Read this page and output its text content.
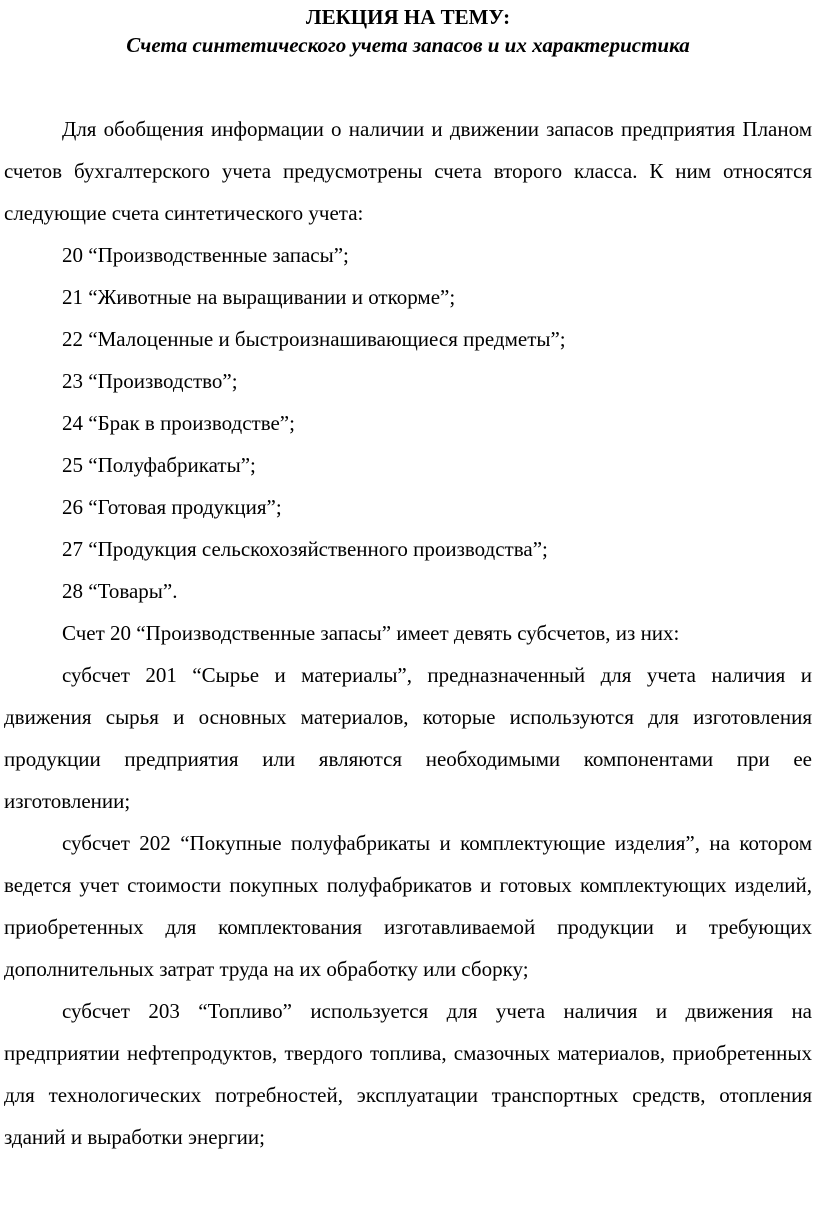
ЛЕКЦИЯ НА ТЕМУ:
Счета синтетического учета запасов и их характеристика

Для обобщения информации о наличии и движении запасов предприятия Планом счетов бухгалтерского учета предусмотрены счета второго класса. К ним относятся следующие счета синтетического учета:

20 “Производственные запасы”;

21 “Животные на выращивании и откорме”;

22 “Малоценные и быстроизнашивающиеся предметы”;

23 “Производство”;

24 “Брак в производстве”;

25 “Полуфабрикаты”;

26 “Готовая продукция”;

27 “Продукция сельскохозяйственного производства”;

28 “Товары”.

Счет 20 “Производственные запасы” имеет девять субсчетов, из них:

субсчет 201 “Сырье и материалы”, предназначенный для учета наличия и движения сырья и основных материалов, которые используются для изготовления продукции предприятия или являются необходимыми компонентами при ее изготовлении;

субсчет 202 “Покупные полуфабрикаты и комплектующие изделия”, на котором ведется учет стоимости покупных полуфабрикатов и готовых комплектующих изделий, приобретенных для комплектования изготавливаемой продукции и требующих дополнительных затрат труда на их обработку или сборку;

субсчет 203 “Топливо” используется для учета наличия и движения на предприятии нефтепродуктов, твердого топлива, смазочных материалов, приобретенных для технологических потребностей, эксплуатации транспортных средств, отопления зданий и выработки энергии;
